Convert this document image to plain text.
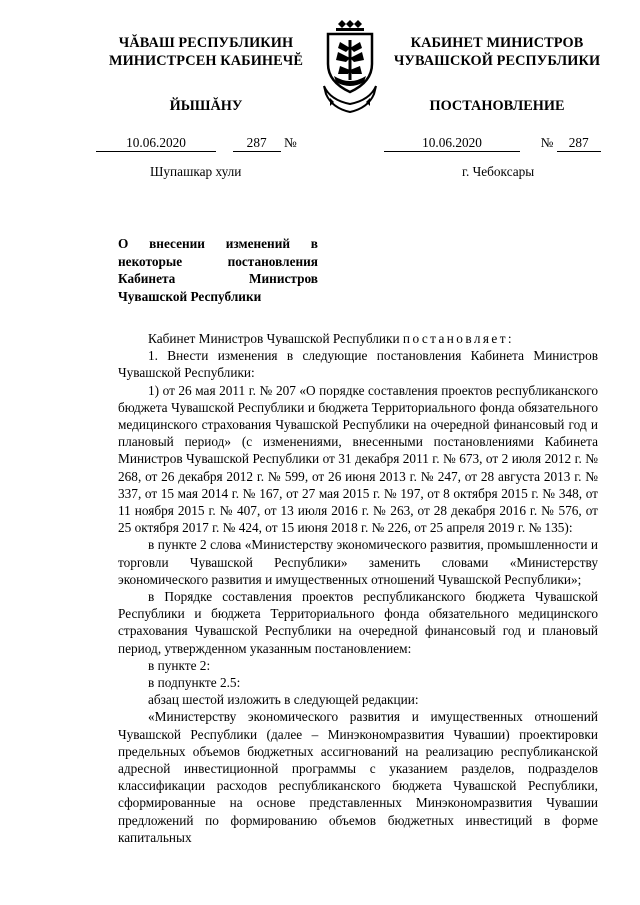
ЧĂВАШ РЕСПУБЛИКИН
МИНИСТРСЕН КАБИНЕЧĔ
ЙЫШĂНУ
КАБИНЕТ МИНИСТРОВ
ЧУВАШСКОЙ РЕСПУБЛИКИ
ПОСТАНОВЛЕНИЕ
10.06.2020	287 №	10.06.2020	№ 287
Шупашкар хули	г. Чебоксары
О внесении изменений в некоторые постановления Кабинета Министров Чувашской Республики

Кабинет Министров Чувашской Республики постановляет:

1. Внести изменения в следующие постановления Кабинета Министров Чувашской Республики:

1) от 26 мая 2011 г. № 207 «О порядке составления проектов республиканского бюджета Чувашской Республики и бюджета Территориального фонда обязательного медицинского страхования Чувашской Республики на очередной финансовый год и плановый период» (с изменениями, внесенными постановлениями Кабинета Министров Чувашской Республики от 31 декабря 2011 г. № 673, от 2 июля 2012 г. № 268, от 26 декабря 2012 г. № 599, от 26 июня 2013 г. № 247, от 28 августа 2013 г. № 337, от 15 мая 2014 г. № 167, от 27 мая 2015 г. № 197, от 8 октября 2015 г. № 348, от 11 ноября 2015 г. № 407, от 13 июля 2016 г. № 263, от 28 декабря 2016 г. № 576, от 25 октября 2017 г. № 424, от 15 июня 2018 г. № 226, от 25 апреля 2019 г. № 135):

в пункте 2 слова «Министерству экономического развития, промышленности и торговли Чувашской Республики» заменить словами «Министерству экономического развития и имущественных отношений Чувашской Республики»;

в Порядке составления проектов республиканского бюджета Чувашской Республики и бюджета Территориального фонда обязательного медицинского страхования Чувашской Республики на очередной финансовый год и плановый период, утвержденном указанным постановлением:

в пункте 2:

в подпункте 2.5:

абзац шестой изложить в следующей редакции:

«Министерству экономического развития и имущественных отношений Чувашской Республики (далее – Минэкономразвития Чувашии) проектировки предельных объемов бюджетных ассигнований на реализацию республиканской адресной инвестиционной программы с указанием разделов, подразделов классификации расходов республиканского бюджета Чувашской Республики, сформированные на основе представленных Минэкономразвития Чувашии предложений по формированию объемов бюджетных инвестиций в форме капитальных
